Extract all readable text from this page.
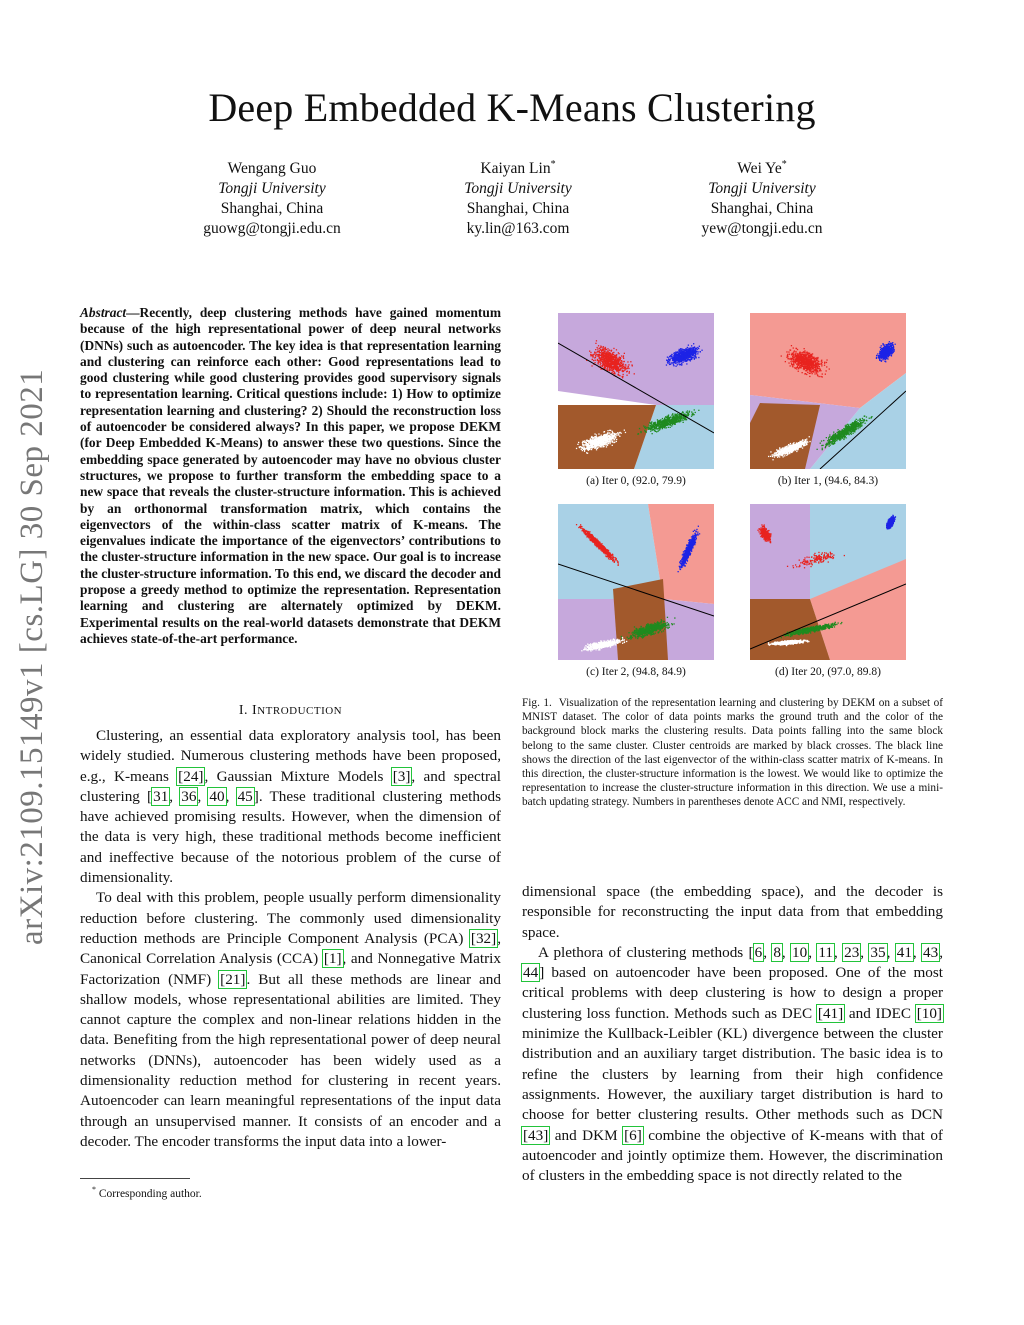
Deep Embedded K-Means Clustering
Wengang Guo
Tongji University
Shanghai, China
guowg@tongji.edu.cn
Kaiyan Lin*
Tongji University
Shanghai, China
ky.lin@163.com
Wei Ye*
Tongji University
Shanghai, China
yew@tongji.edu.cn
arXiv:2109.15149v1 [cs.LG] 30 Sep 2021
Abstract—Recently, deep clustering methods have gained momentum because of the high representational power of deep neural networks (DNNs) such as autoencoder. The key idea is that representation learning and clustering can reinforce each other: Good representations lead to good clustering while good clustering provides good supervisory signals to representation learning. Critical questions include: 1) How to optimize representation learning and clustering? 2) Should the reconstruction loss of autoencoder be considered always? In this paper, we propose DEKM (for Deep Embedded K-Means) to answer these two questions. Since the embedding space generated by autoencoder may have no obvious cluster structures, we propose to further transform the embedding space to a new space that reveals the cluster-structure information. This is achieved by an orthonormal transformation matrix, which contains the eigenvectors of the within-class scatter matrix of K-means. The eigenvalues indicate the importance of the eigenvectors’ contributions to the cluster-structure information in the new space. Our goal is to increase the cluster-structure information. To this end, we discard the decoder and propose a greedy method to optimize the representation. Representation learning and clustering are alternately optimized by DEKM. Experimental results on the real-world datasets demonstrate that DEKM achieves state-of-the-art performance.
I. INTRODUCTION

Clustering, an essential data exploratory analysis tool, has been widely studied. Numerous clustering methods have been proposed, e.g., K-means [24], Gaussian Mixture Models [3], and spectral clustering [31, 36, 40, 45]. These traditional clustering methods have achieved promising results. However, when the dimension of the data is very high, these traditional methods become inefficient and ineffective because of the notorious problem of the curse of dimensionality.

To deal with this problem, people usually perform dimensionality reduction before clustering. The commonly used dimensionality reduction methods are Principle Component Analysis (PCA) [32], Canonical Correlation Analysis (CCA) [1], and Nonnegative Matrix Factorization (NMF) [21]. But all these methods are linear and shallow models, whose representational abilities are limited. They cannot capture the complex and non-linear relations hidden in the data. Benefiting from the high representational power of deep neural networks (DNNs), autoencoder has been widely used as a dimensionality reduction method for clustering in recent years. Autoencoder can learn meaningful representations of the input data through an unsupervised manner. It consists of an encoder and a decoder. The encoder transforms the input data into a lower-

* Corresponding author.
(a) Iter 0, (92.0, 79.9)	(b) Iter 1, (94.6, 84.3)
(c) Iter 2, (94.8, 84.9)	(d) Iter 20, (97.0, 89.8)
Fig. 1. Visualization of the representation learning and clustering by DEKM on a subset of MNIST dataset. The color of data points marks the ground truth and the color of the background block marks the clustering results. Data points falling into the same block belong to the same cluster. Cluster centroids are marked by black crosses. The black line shows the direction of the last eigenvector of the within-class scatter matrix of K-means. In this direction, the cluster-structure information is the lowest. We would like to optimize the representation to increase the cluster-structure information in this direction. We use a mini-batch updating strategy. Numbers in parentheses denote ACC and NMI, respectively.

dimensional space (the embedding space), and the decoder is responsible for reconstructing the input data from that embedding space.

A plethora of clustering methods [6, 8, 10, 11, 23, 35, 41, 43, 44] based on autoencoder have been proposed. One of the most critical problems with deep clustering is how to design a proper clustering loss function. Methods such as DEC [41] and IDEC [10] minimize the Kullback-Leibler (KL) divergence between the cluster distribution and an auxiliary target distribution. The basic idea is to refine the clusters by learning from their high confidence assignments. However, the auxiliary target distribution is hard to choose for better clustering results. Other methods such as DCN [43] and DKM [6] combine the objective of K-means with that of autoencoder and jointly optimize them. However, the discrimination of clusters in the embedding space is not directly related to the
